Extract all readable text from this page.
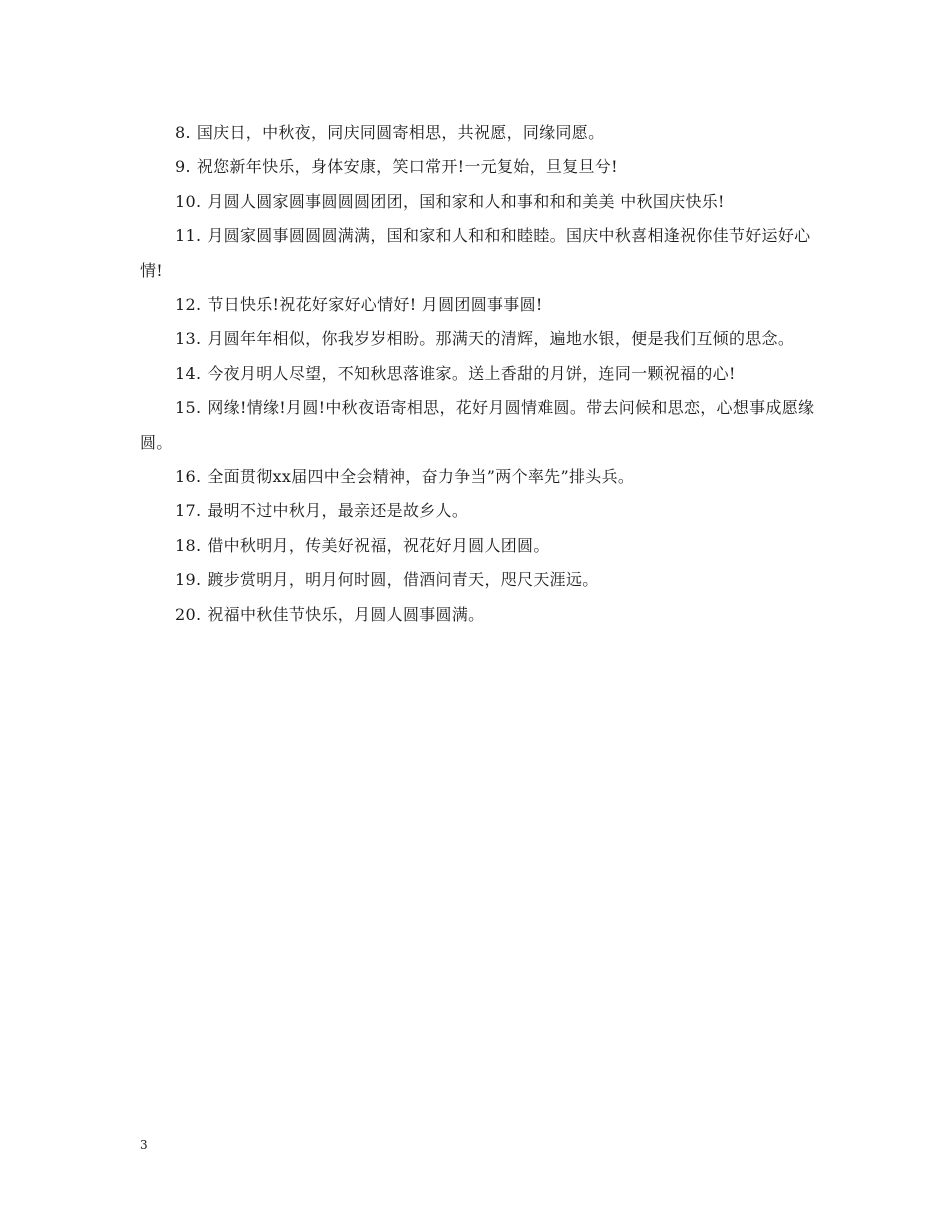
8. 国庆日，中秋夜，同庆同圆寄相思，共祝愿，同缘同愿。

9. 祝您新年快乐，身体安康，笑口常开!一元复始，旦复旦兮!

10. 月圆人圆家圆事圆圆圆团团，国和家和人和事和和和美美 中秋国庆快乐!

11. 月圆家圆事圆圆圆满满，国和家和人和和和睦睦。国庆中秋喜相逢祝你佳节好运好心情!

12. 节日快乐!祝花好家好心情好! 月圆团圆事事圆!

13. 月圆年年相似，你我岁岁相盼。那满天的清辉，遍地水银，便是我们互倾的思念。

14. 今夜月明人尽望，不知秋思落谁家。送上香甜的月饼，连同一颗祝福的心!

15. 网缘!情缘!月圆!中秋夜语寄相思，花好月圆情难圆。带去问候和思恋，心想事成愿缘圆。

16. 全面贯彻xx届四中全会精神，奋力争当”两个率先”排头兵。

17. 最明不过中秋月，最亲还是故乡人。

18. 借中秋明月，传美好祝福，祝花好月圆人团圆。

19. 踱步赏明月，明月何时圆，借酒问青天，咫尺天涯远。

20. 祝福中秋佳节快乐，月圆人圆事圆满。

3
